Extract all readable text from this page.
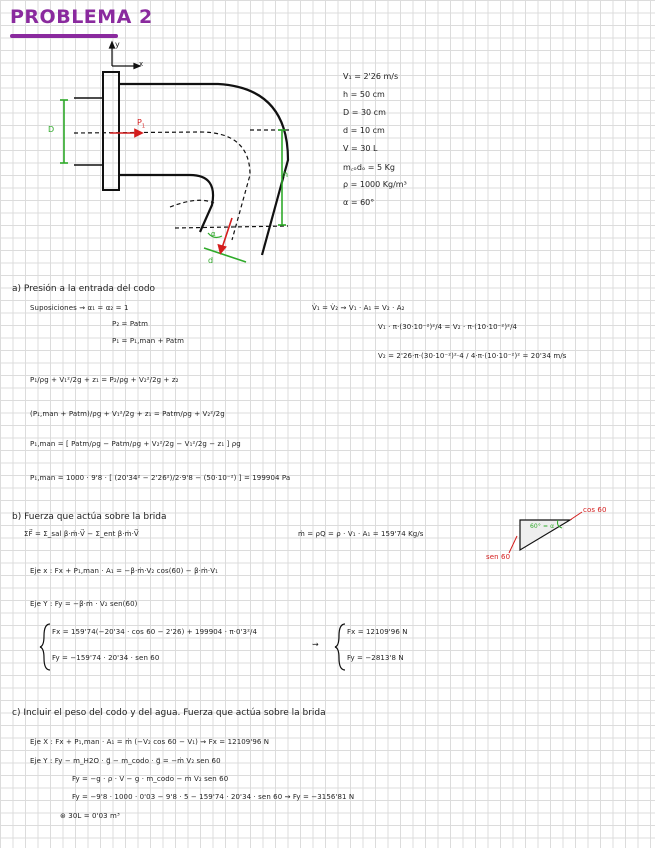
PROBLEMA 2
y
x
D
$P_1$
h
d
α
V₁ = 2'26 m/s
h = 50 cm
D = 30 cm
d = 10 cm
V = 30 L
m꜀ₒdₒ = 5 Kg
ρ = 1000 Kg/m³
α = 60°
a) Presión a la entrada del codo
Suposiciones ⇝ α₁ = α₂ = 1
P₂ = Patm
P₁ = P₁,man + Patm
V̇₁ = V̇₂ ⇝ V₁ · A₁ = V₂ · A₂
V₁ · π·(30·10⁻²)²/4 = V₂ · π·(10·10⁻²)²/4
V₂ = 2'26·π·(30·10⁻²)²·4 / 4·π·(10·10⁻²)² = 20'34 m/s
P₁/ρg + V₁²/2g + z₁ = P₂/ρg + V₂²/2g + z₂
(P₁,man + Patm)/ρg + V₁²/2g + z₁ = Patm/ρg + V₂²/2g
P₁,man = [ Patm/ρg − Patm/ρg + V₂²/2g − V₁²/2g − z₁ ] ρg
P₁,man = 1000 · 9'8 · [ (20'34² − 2'26²)/2·9'8 − (50·10⁻²) ] = 199904 Pa
b) Fuerza que actúa sobre la brida
ΣF⃗ = Σ_sal β·ṁ·V⃗ − Σ_ent β·ṁ·V⃗	ṁ = ρQ = ρ · V₁ · A₁ = 159'74 Kg/s
Eje x : Fx + P₁,man · A₁ = −β·ṁ·V₂ cos(60) − β·ṁ·V₁
Eje Y : Fy = −β·ṁ · V₂ sen(60)
cos 60
sen 60
60° = α
Fx = 159'74(−20'34 · cos 60 − 2'26) + 199904 · π·0'3²/4
Fy = −159'74 · 20'34 · sen 60
⇝
Fx = 12109'96 N
Fy = −2813'8 N
c) Incluir el peso del codo y del agua. Fuerza que actúa sobre la brida
Eje X : Fx + P₁,man · A₁ = ṁ (−V₂ cos 60 − V₁) ⇝ Fx = 12109'96 N
Eje Y : Fy − m_H2O · g⃗ − m_codo · g⃗ = −ṁ V₂ sen 60
Fy = −g · ρ · V − g · m_codo − ṁ V₂ sen 60
Fy = −9'8 · 1000 · 0'03 − 9'8 · 5 − 159'74 · 20'34 · sen 60 ⇝ Fy = −3156'81 N
⊛ 30L = 0'03 m³
